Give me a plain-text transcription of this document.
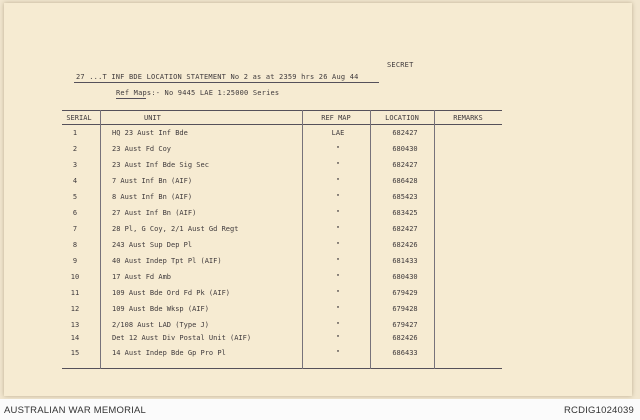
SECRET
27 ...T INF BDE LOCATION STATEMENT No 2 as at 2359 hrs 26 Aug 44
Ref Maps:- No 9445 LAE 1:25000 Series
SERIAL	UNIT	REF MAP	LOCATION	REMARKS
1	HQ 23 Aust Inf Bde	LAE	682427
2	23 Aust Fd Coy	"	680430
3	23 Aust Inf Bde Sig Sec	"	682427
4	7 Aust Inf Bn (AIF)	"	686428
5	8 Aust Inf Bn (AIF)	"	685423
6	27 Aust Inf Bn (AIF)	"	683425
7	28 Pl, G Coy, 2/1 Aust Gd Regt	"	682427
8	243 Aust Sup Dep Pl	"	682426
9	40 Aust Indep Tpt Pl (AIF)	"	681433
10	17 Aust Fd Amb	"	680430
11	109 Aust Bde Ord Fd Pk (AIF)	"	679429
12	109 Aust Bde Wksp (AIF)	"	679428
13	2/108 Aust LAD (Type J)	"	679427
14	Det 12 Aust Div Postal Unit (AIF)	"	682426
15	14 Aust Indep Bde Gp Pro Pl	"	686433
AUSTRALIAN WAR MEMORIAL	RCDIG1024039
